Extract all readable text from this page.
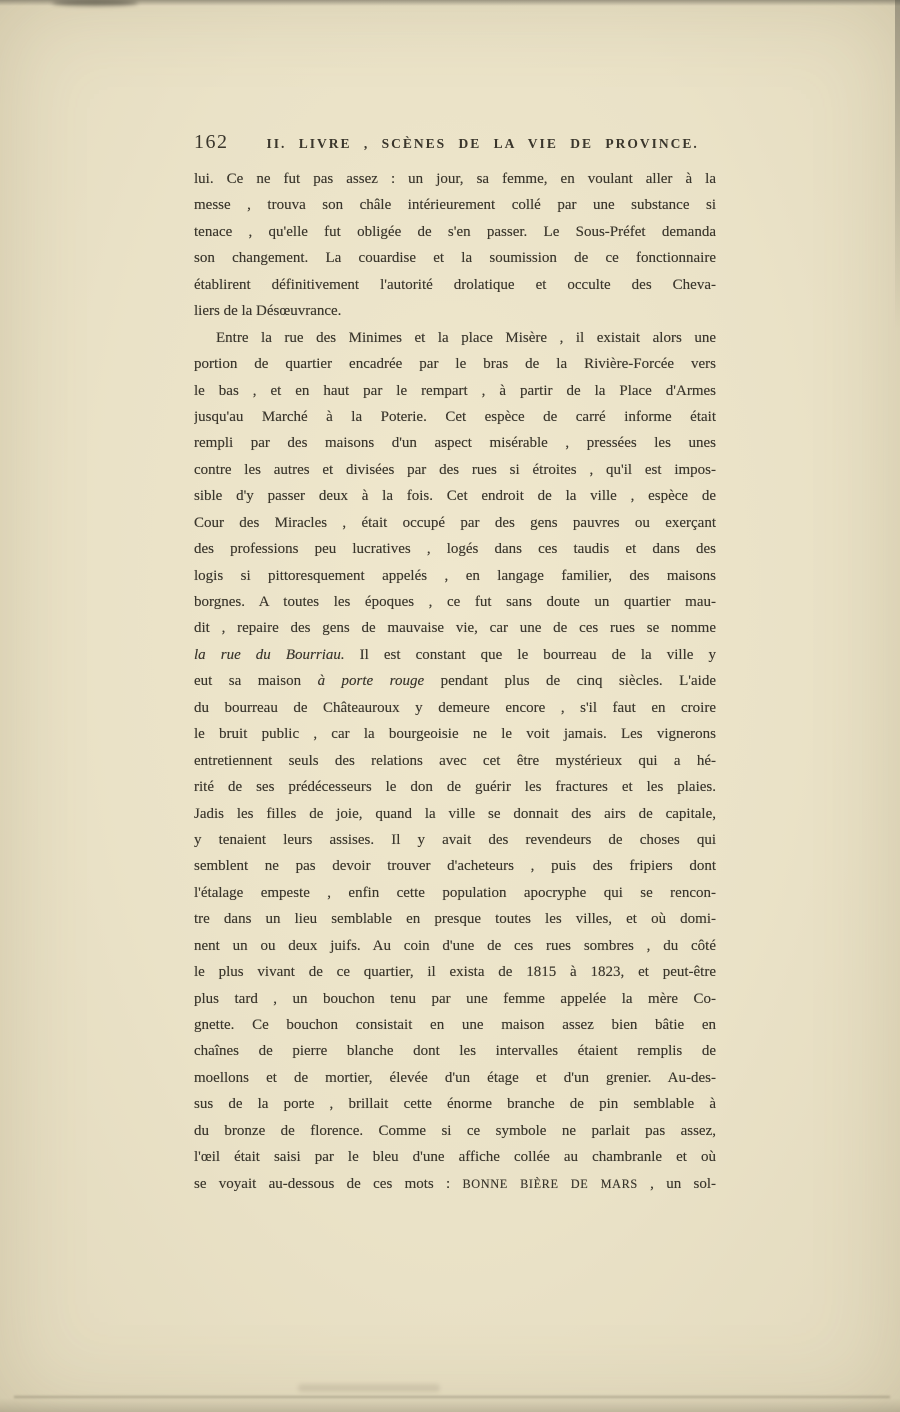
162	II. LIVRE , SCÈNES DE LA VIE DE PROVINCE.
lui. Ce ne fut pas assez : un jour, sa femme, en voulant aller à la
messe , trouva son châle intérieurement collé par une substance si
tenace , qu'elle fut obligée de s'en passer. Le Sous-Préfet demanda
son changement. La couardise et la soumission de ce fonctionnaire
établirent définitivement l'autorité drolatique et occulte des Cheva-
liers de la Désœuvrance.
Entre la rue des Minimes et la place Misère , il existait alors une
portion de quartier encadrée par le bras de la Rivière-Forcée vers
le bas , et en haut par le rempart , à partir de la Place d'Armes
jusqu'au Marché à la Poterie. Cet espèce de carré informe était
rempli par des maisons d'un aspect misérable , pressées les unes
contre les autres et divisées par des rues si étroites , qu'il est impos-
sible d'y passer deux à la fois. Cet endroit de la ville , espèce de
Cour des Miracles , était occupé par des gens pauvres ou exerçant
des professions peu lucratives , logés dans ces taudis et dans des
logis si pittoresquement appelés , en langage familier, des maisons
borgnes. A toutes les époques , ce fut sans doute un quartier mau-
dit , repaire des gens de mauvaise vie, car une de ces rues se nomme
la rue du Bourriau. Il est constant que le bourreau de la ville y
eut sa maison à porte rouge pendant plus de cinq siècles. L'aide
du bourreau de Châteauroux y demeure encore , s'il faut en croire
le bruit public , car la bourgeoisie ne le voit jamais. Les vignerons
entretiennent seuls des relations avec cet être mystérieux qui a hé-
rité de ses prédécesseurs le don de guérir les fractures et les plaies.
Jadis les filles de joie, quand la ville se donnait des airs de capitale,
y tenaient leurs assises. Il y avait des revendeurs de choses qui
semblent ne pas devoir trouver d'acheteurs , puis des fripiers dont
l'étalage empeste , enfin cette population apocryphe qui se rencon-
tre dans un lieu semblable en presque toutes les villes, et où domi-
nent un ou deux juifs. Au coin d'une de ces rues sombres , du côté
le plus vivant de ce quartier, il exista de 1815 à 1823, et peut-être
plus tard , un bouchon tenu par une femme appelée la mère Co-
gnette. Ce bouchon consistait en une maison assez bien bâtie en
chaînes de pierre blanche dont les intervalles étaient remplis de
moellons et de mortier, élevée d'un étage et d'un grenier. Au-des-
sus de la porte , brillait cette énorme branche de pin semblable à
du bronze de florence. Comme si ce symbole ne parlait pas assez,
l'œil était saisi par le bleu d'une affiche collée au chambranle et où
se voyait au-dessous de ces mots : BONNE BIÈRE DE MARS , un sol-
